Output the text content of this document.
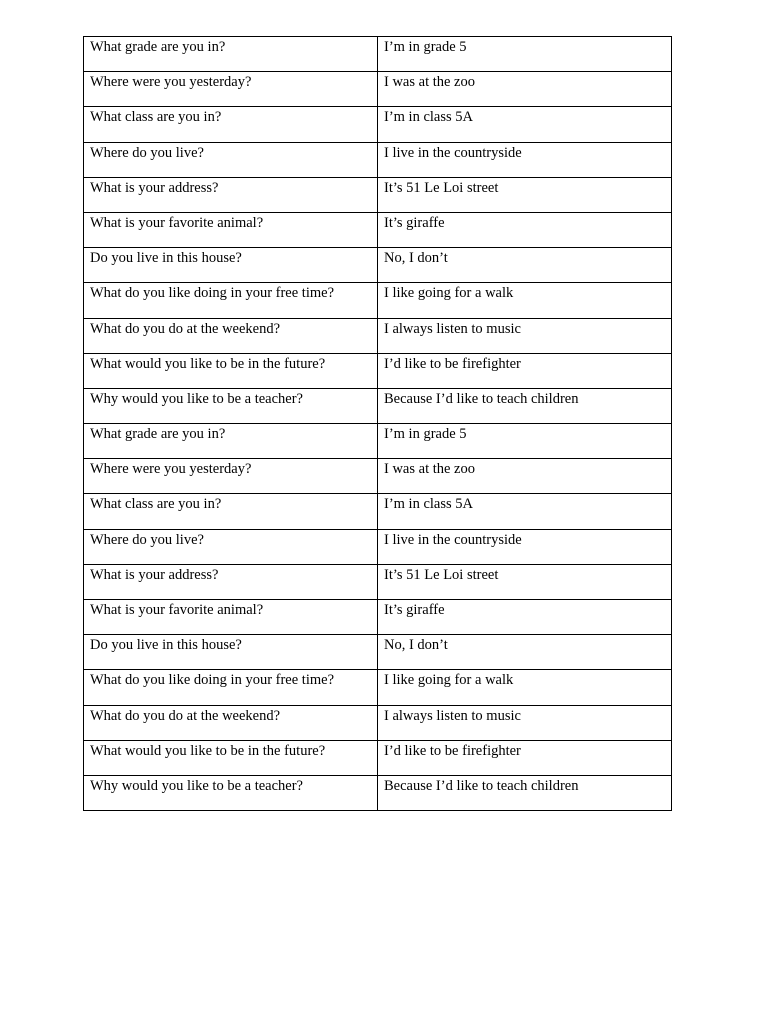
What grade are you in?	I’m in grade 5
Where were you yesterday?	I was at the zoo
What class are you in?	I’m in class 5A
Where do you live?	I live in the countryside
What is your address?	It’s 51 Le Loi street
What is your favorite animal?	It’s giraffe
Do you live in this house?	No, I don’t
What do you like doing in your free time?	I like going for a walk
What do you do at the weekend?	I always listen to music
What would you like to be in the future?	I’d like to be firefighter
Why would you like to be a teacher?	Because I’d like to teach children
What grade are you in?	I’m in grade 5
Where were you yesterday?	I was at the zoo
What class are you in?	I’m in class 5A
Where do you live?	I live in the countryside
What is your address?	It’s 51 Le Loi street
What is your favorite animal?	It’s giraffe
Do you live in this house?	No, I don’t
What do you like doing in your free time?	I like going for a walk
What do you do at the weekend?	I always listen to music
What would you like to be in the future?	I’d like to be firefighter
Why would you like to be a teacher?	Because I’d like to teach children
